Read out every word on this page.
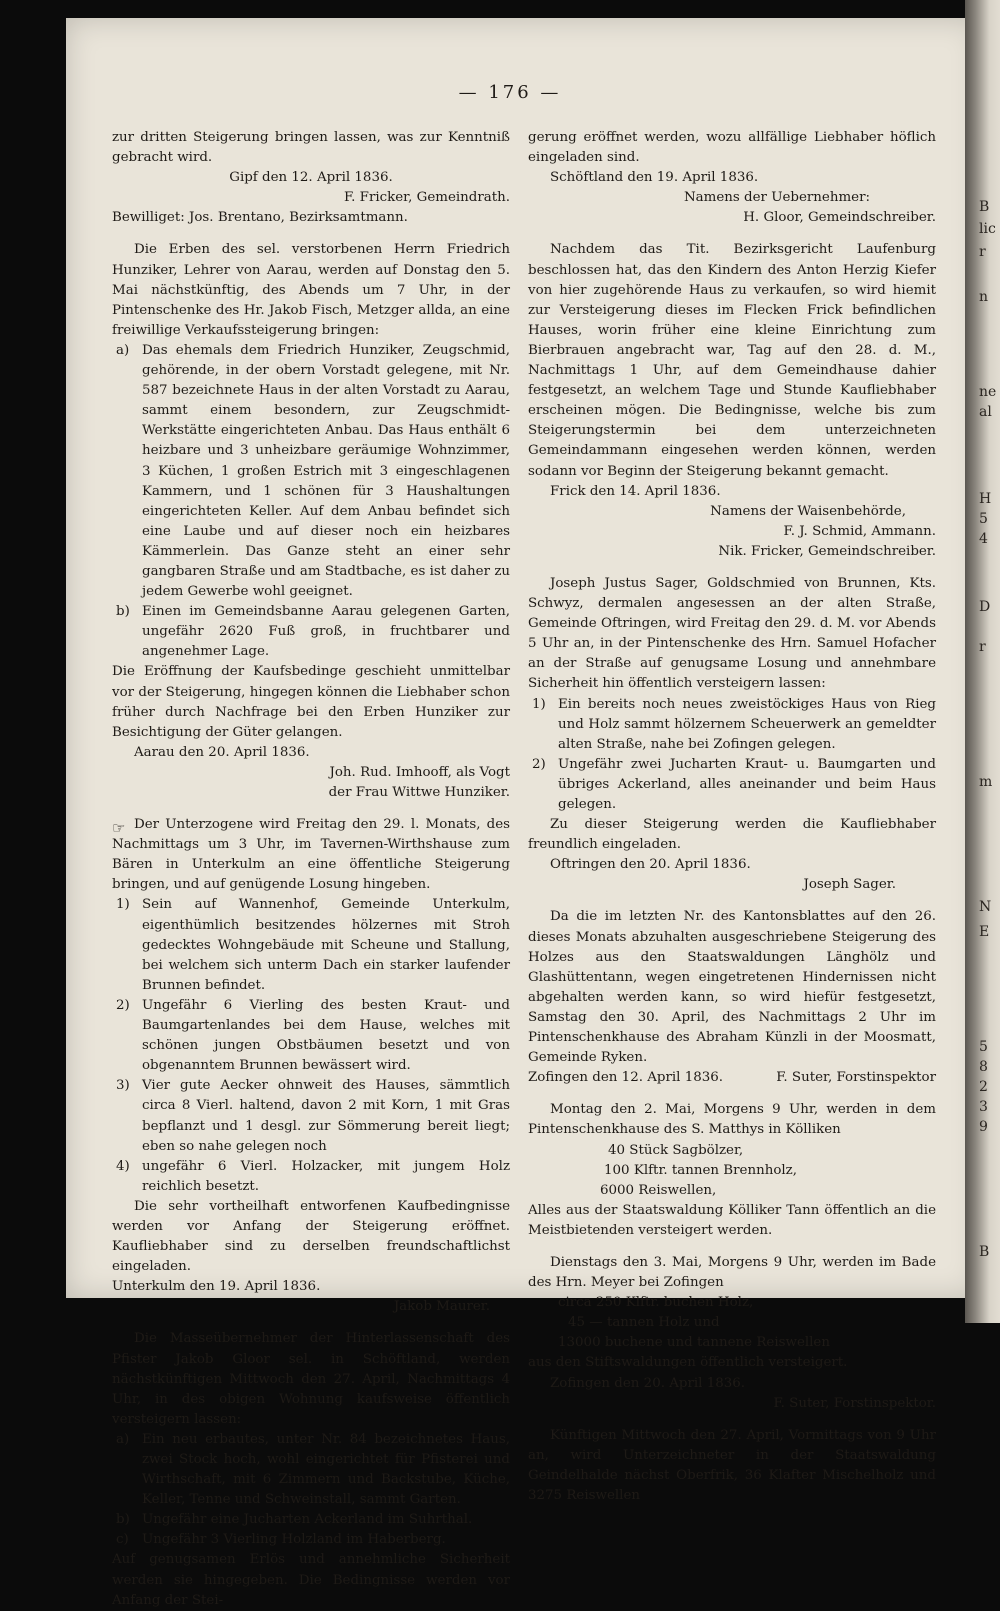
B
lic
r
n
ne
al
H
5
4
D
r
m
N
E
5
8
2
3
9
B
— 176 —

zur dritten Steigerung bringen lassen, was zur Kenntniß gebracht wird.

Gipf den 12. April 1836.
F. Fricker, Gemeindrath.
Bewilliget: Jos. Brentano, Bezirksamtmann.

Die Erben des sel. verstorbenen Herrn Friedrich Hunziker, Lehrer von Aarau, werden auf Donstag den 5. Mai nächstkünftig, des Abends um 7 Uhr, in der Pintenschenke des Hr. Jakob Fisch, Metzger allda, an eine freiwillige Verkaufssteigerung bringen:

a) Das ehemals dem Friedrich Hunziker, Zeugschmid, gehörende, in der obern Vorstadt gelegene, mit Nr. 587 bezeichnete Haus in der alten Vorstadt zu Aarau, sammt einem besondern, zur Zeugschmidt-Werkstätte eingerichteten Anbau. Das Haus enthält 6 heizbare und 3 unheizbare geräumige Wohnzimmer, 3 Küchen, 1 großen Estrich mit 3 eingeschlagenen Kammern, und 1 schönen für 3 Haushaltungen eingerichteten Keller. Auf dem Anbau befindet sich eine Laube und auf dieser noch ein heizbares Kämmerlein. Das Ganze steht an einer sehr gangbaren Straße und am Stadtbache, es ist daher zu jedem Gewerbe wohl geeignet.
b) Einen im Gemeindsbanne Aarau gelegenen Garten, ungefähr 2620 Fuß groß, in fruchtbarer und angenehmer Lage.

Die Eröffnung der Kaufsbedinge geschieht unmittelbar vor der Steigerung, hingegen können die Liebhaber schon früher durch Nachfrage bei den Erben Hunziker zur Besichtigung der Güter gelangen.

Aarau den 20. April 1836.
Joh. Rud. Imhooff, als Vogt
der Frau Wittwe Hunziker.
☞ Der Unterzogene wird Freitag den 29. l. Monats, des Nachmittags um 3 Uhr, im Tavernen-Wirthshause zum Bären in Unterkulm an eine öffentliche Steigerung bringen, und auf genügende Losung hingeben.

1) Sein auf Wannenhof, Gemeinde Unterkulm, eigenthümlich besitzendes hölzernes mit Stroh gedecktes Wohngebäude mit Scheune und Stallung, bei welchem sich unterm Dach ein starker laufender Brunnen befindet.
2) Ungefähr 6 Vierling des besten Kraut- und Baumgartenlandes bei dem Hause, welches mit schönen jungen Obstbäumen besetzt und von obgenanntem Brunnen bewässert wird.
3) Vier gute Aecker ohnweit des Hauses, sämmtlich circa 8 Vierl. haltend, davon 2 mit Korn, 1 mit Gras bepflanzt und 1 desgl. zur Sömmerung bereit liegt; eben so nahe gelegen noch
4) ungefähr 6 Vierl. Holzacker, mit jungem Holz reichlich besetzt.

Die sehr vortheilhaft entworfenen Kaufbedingnisse werden vor Anfang der Steigerung eröffnet. Kaufliebhaber sind zu derselben freundschaftlichst eingeladen.

Unterkulm den 19. April 1836.
Jakob Maurer.

Die Masseübernehmer der Hinterlassenschaft des Pfister Jakob Gloor sel. in Schöftland, werden nächstkünftigen Mittwoch den 27. April, Nachmittags 4 Uhr, in des obigen Wohnung kaufsweise öffentlich versteigern lassen:

a) Ein neu erbautes, unter Nr. 84 bezeichnetes Haus, zwei Stock hoch, wohl eingerichtet für Pfisterei und Wirthschaft, mit 6 Zimmern und Backstube, Küche, Keller, Tenne und Schweinstall, sammt Garten.
b) Ungefähr eine Jucharten Ackerland im Suhrthal.
c) Ungefähr 3 Vierling Holzland im Haberberg.

Auf genugsamen Erlös und annehmliche Sicherheit werden sie hingegeben. Die Bedingnisse werden vor Anfang der Stei-

gerung eröffnet werden, wozu allfällige Liebhaber höflich eingeladen sind.

Schöftland den 19. April 1836.
Namens der Uebernehmer:
H. Gloor, Gemeindschreiber.

Nachdem das Tit. Bezirksgericht Laufenburg beschlossen hat, das den Kindern des Anton Herzig Kiefer von hier zugehörende Haus zu verkaufen, so wird hiemit zur Versteigerung dieses im Flecken Frick befindlichen Hauses, worin früher eine kleine Einrichtung zum Bierbrauen angebracht war, Tag auf den 28. d. M., Nachmittags 1 Uhr, auf dem Gemeindhause dahier festgesetzt, an welchem Tage und Stunde Kaufliebhaber erscheinen mögen. Die Bedingnisse, welche bis zum Steigerungstermin bei dem unterzeichneten Gemeindammann eingesehen werden können, werden sodann vor Beginn der Steigerung bekannt gemacht.

Frick den 14. April 1836.
Namens der Waisenbehörde,
F. J. Schmid, Ammann.
Nik. Fricker, Gemeindschreiber.

Joseph Justus Sager, Goldschmied von Brunnen, Kts. Schwyz, dermalen angesessen an der alten Straße, Gemeinde Oftringen, wird Freitag den 29. d. M. vor Abends 5 Uhr an, in der Pintenschenke des Hrn. Samuel Hofacher an der Straße auf genugsame Losung und annehmbare Sicherheit hin öffentlich versteigern lassen:

1) Ein bereits noch neues zweistöckiges Haus von Rieg und Holz sammt hölzernem Scheuerwerk an gemeldter alten Straße, nahe bei Zofingen gelegen.
2) Ungefähr zwei Jucharten Kraut- u. Baumgarten und übriges Ackerland, alles aneinander und beim Haus gelegen.

Zu dieser Steigerung werden die Kaufliebhaber freundlich eingeladen.

Oftringen den 20. April 1836.
Joseph Sager.

Da die im letzten Nr. des Kantonsblattes auf den 26. dieses Monats abzuhalten ausgeschriebene Steigerung des Holzes aus den Staatswaldungen Länghölz und Glashüttentann, wegen eingetretenen Hindernissen nicht abgehalten werden kann, so wird hiefür festgesetzt, Samstag den 30. April, des Nachmittags 2 Uhr im Pintenschenkhause des Abraham Künzli in der Moosmatt, Gemeinde Ryken.

Zofingen den 12. April 1836.	F. Suter, Forstinspektor

Montag den 2. Mai, Morgens 9 Uhr, werden in dem Pintenschenkhause des S. Matthys in Kölliken

40 Stück Sagbölzer,
100 Klftr. tannen Brennholz,
6000 Reiswellen,

Alles aus der Staatswaldung Kölliker Tann öffentlich an die Meistbietenden versteigert werden.

Dienstags den 3. Mai, Morgens 9 Uhr, werden im Bade des Hrn. Meyer bei Zofingen

circa 250 Klftr. buchen Holz,
45 — tannen Holz und
13000 buchene und tannene Reiswellen
aus den Stiftswaldungen öffentlich versteigert.
Zofingen den 20. April 1836.
F. Suter, Forstinspektor.

Künftigen Mittwoch den 27. April, Vormittags von 9 Uhr an, wird Unterzeichneter in der Staatswaldung Geindelhalde nächst Oberfrik, 36 Klafter Mischelholz und 3275 Reiswellen
